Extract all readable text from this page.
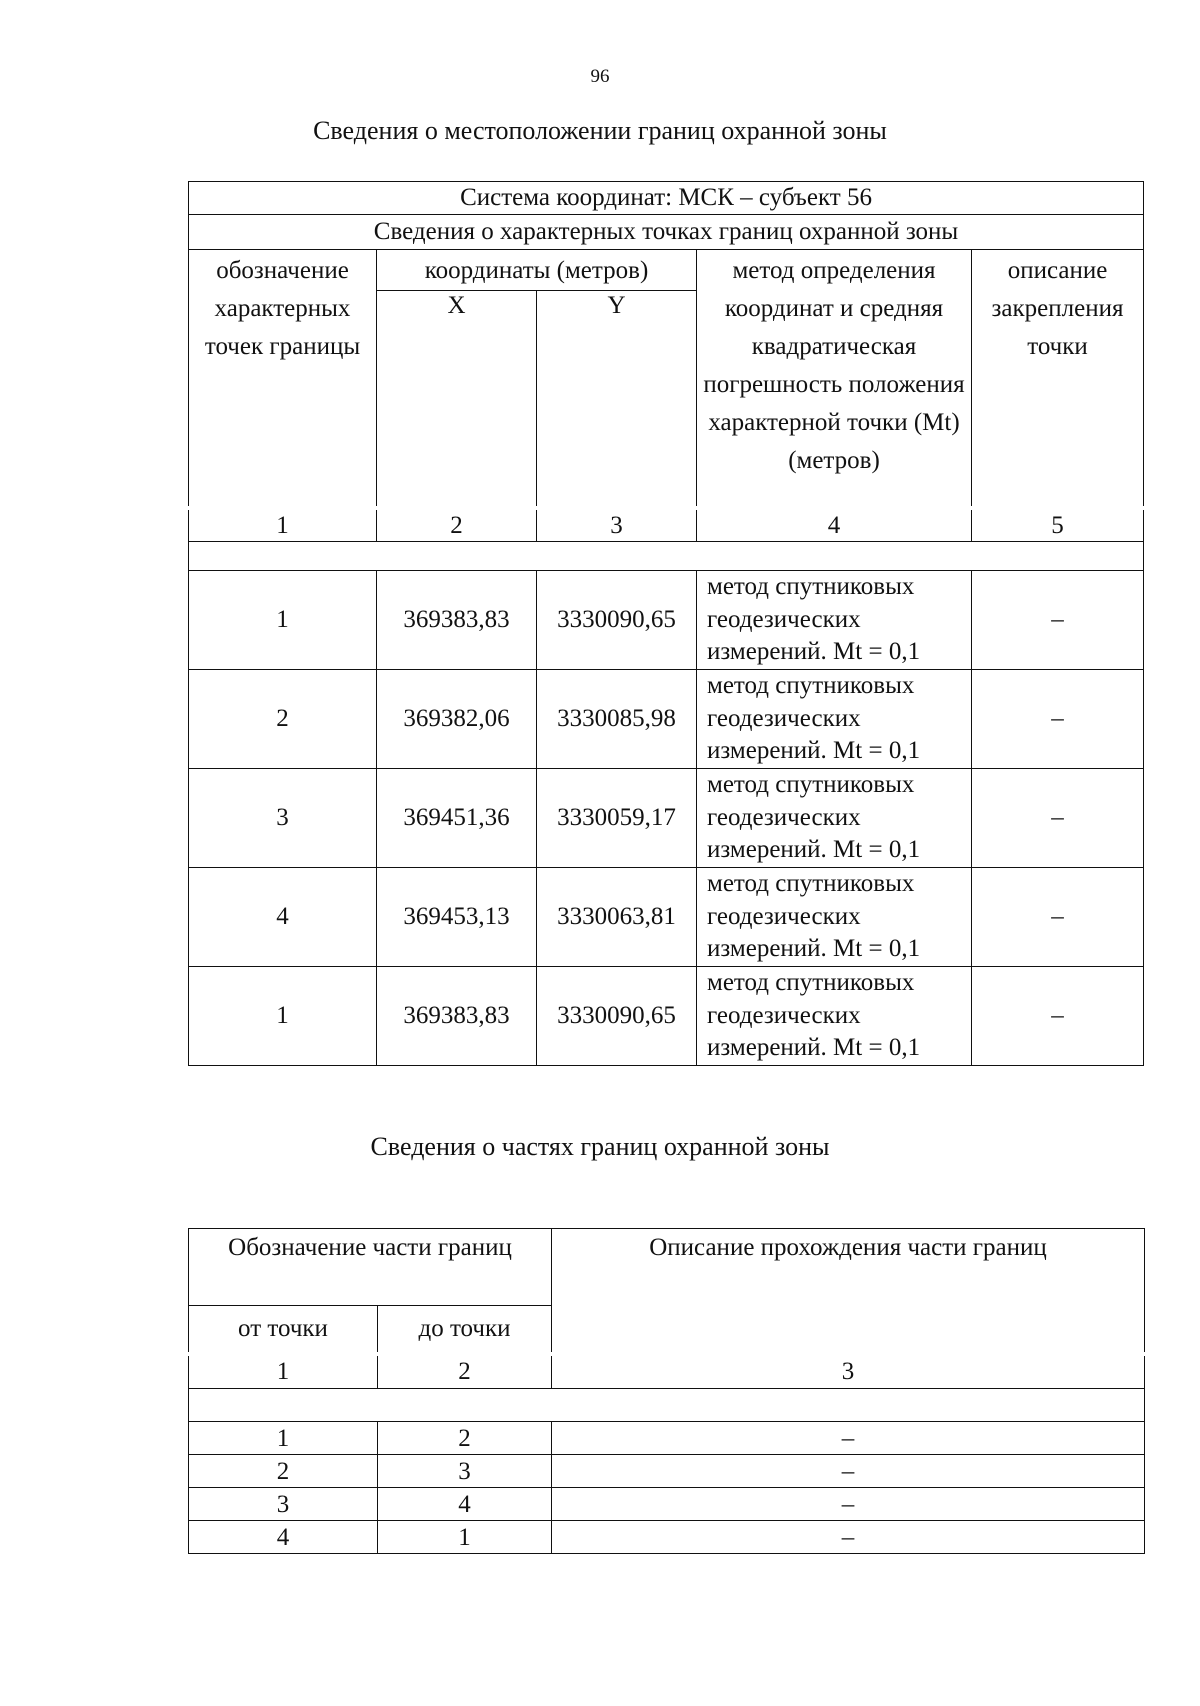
96
Сведения о местоположении границ охранной зоны
Система координат: МСК – субъект 56				
Сведения о характерных точках границ охранной зоны				
обозначение характерных точек границы	координаты (метров)		метод определения координат и средняя квадратическая погрешность положения характерной точки (Mt) (метров)	описание закрепления точки
	X	Y		
1	2	3	4	5

1	369383,83	3330090,65	метод спутниковых геодезических измерений. Mt = 0,1	–
2	369382,06	3330085,98	метод спутниковых геодезических измерений. Mt = 0,1	–
3	369451,36	3330059,17	метод спутниковых геодезических измерений. Mt = 0,1	–
4	369453,13	3330063,81	метод спутниковых геодезических измерений. Mt = 0,1	–
1	369383,83	3330090,65	метод спутниковых геодезических измерений. Mt = 0,1	–
Сведения о частях границ охранной зоны
Обозначение части границ		Описание прохождения части границ
от точки	до точки	
1	2	3

1	2	–
2	3	–
3	4	–
4	1	–
